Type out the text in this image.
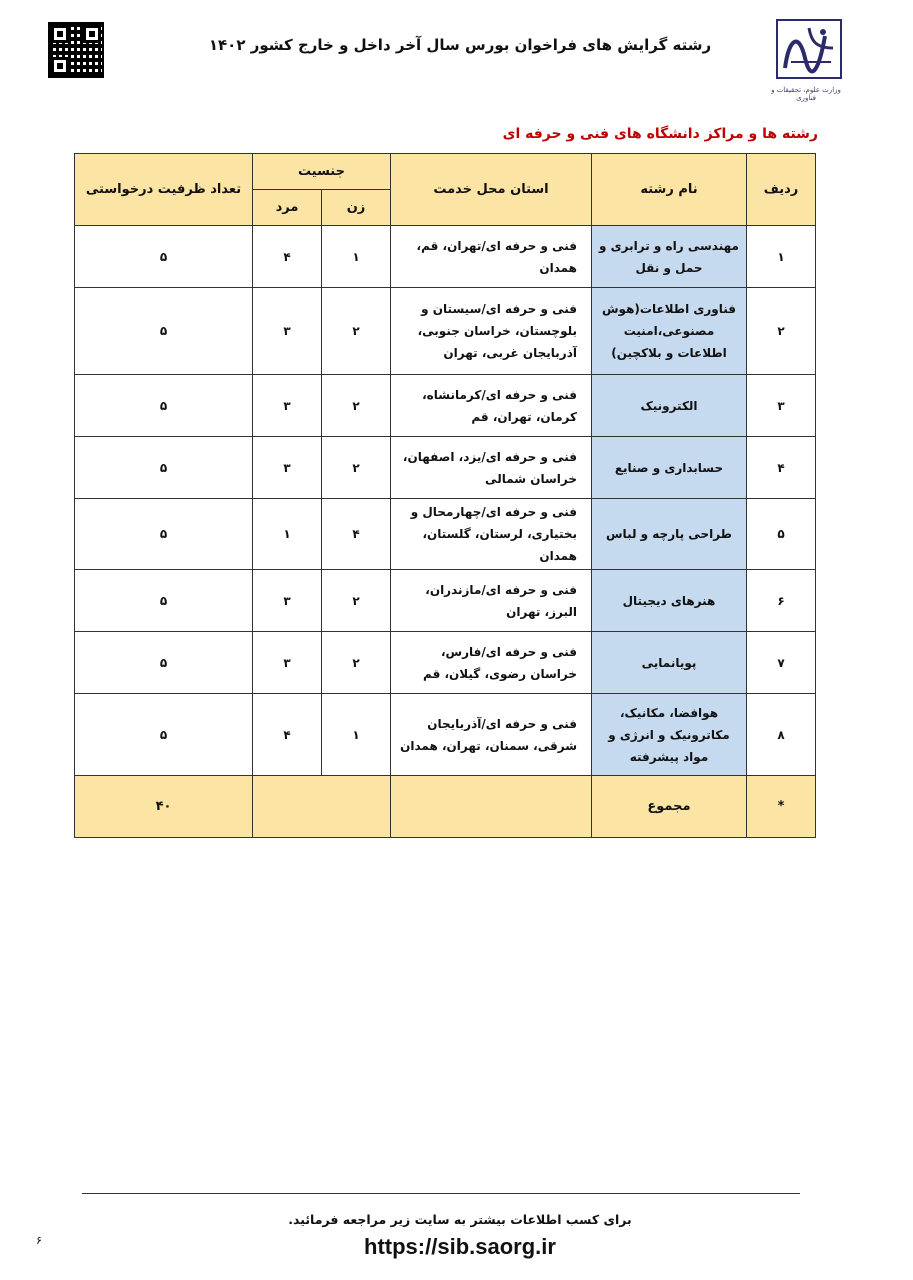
وزارت علوم، تحقیقات و فناوری
رشته گرایش های فراخوان بورس سال آخر داخل و خارج کشور ۱۴۰۲
رشته ها و مراکز دانشگاه های فنی و حرفه ای
ردیف	نام رشته	استان محل خدمت	جنسیت		تعداد ظرفیت درخواستی
			زن	مرد	
۱	مهندسی راه و ترابری و حمل و نقل	فنی و حرفه ای/تهران، قم، همدان	۱	۴	۵
۲	فناوری اطلاعات(هوش مصنوعی،امنیت اطلاعات و بلاکچین)	فنی و حرفه ای/سیستان و بلوچستان، خراسان جنوبی، آذربایجان غربی، تهران	۲	۳	۵
۳	الکترونیک	فنی و حرفه ای/کرمانشاه، کرمان، تهران، قم	۲	۳	۵
۴	حسابداری و صنایع	فنی و حرفه ای/یزد، اصفهان، خراسان شمالی	۲	۳	۵
۵	طراحی پارچه و لباس	فنی و حرفه ای/چهارمحال و بختیاری، لرستان، گلستان، همدان	۴	۱	۵
۶	هنرهای دیجیتال	فنی و حرفه ای/مازندران، البرز، تهران	۲	۳	۵
۷	پویانمایی	فنی و حرفه ای/فارس، خراسان رضوی، گیلان، قم	۲	۳	۵
۸	هوافضا، مکانیک، مکاترونیک و انرژی و مواد پیشرفته	فنی و حرفه ای/آذربایجان شرقی، سمنان، تهران، همدان	۱	۴	۵
*	مجموع				۴۰
برای کسب اطلاعات بیشتر به سایت زیر مراجعه فرمائید.
https://sib.saorg.ir
۶
